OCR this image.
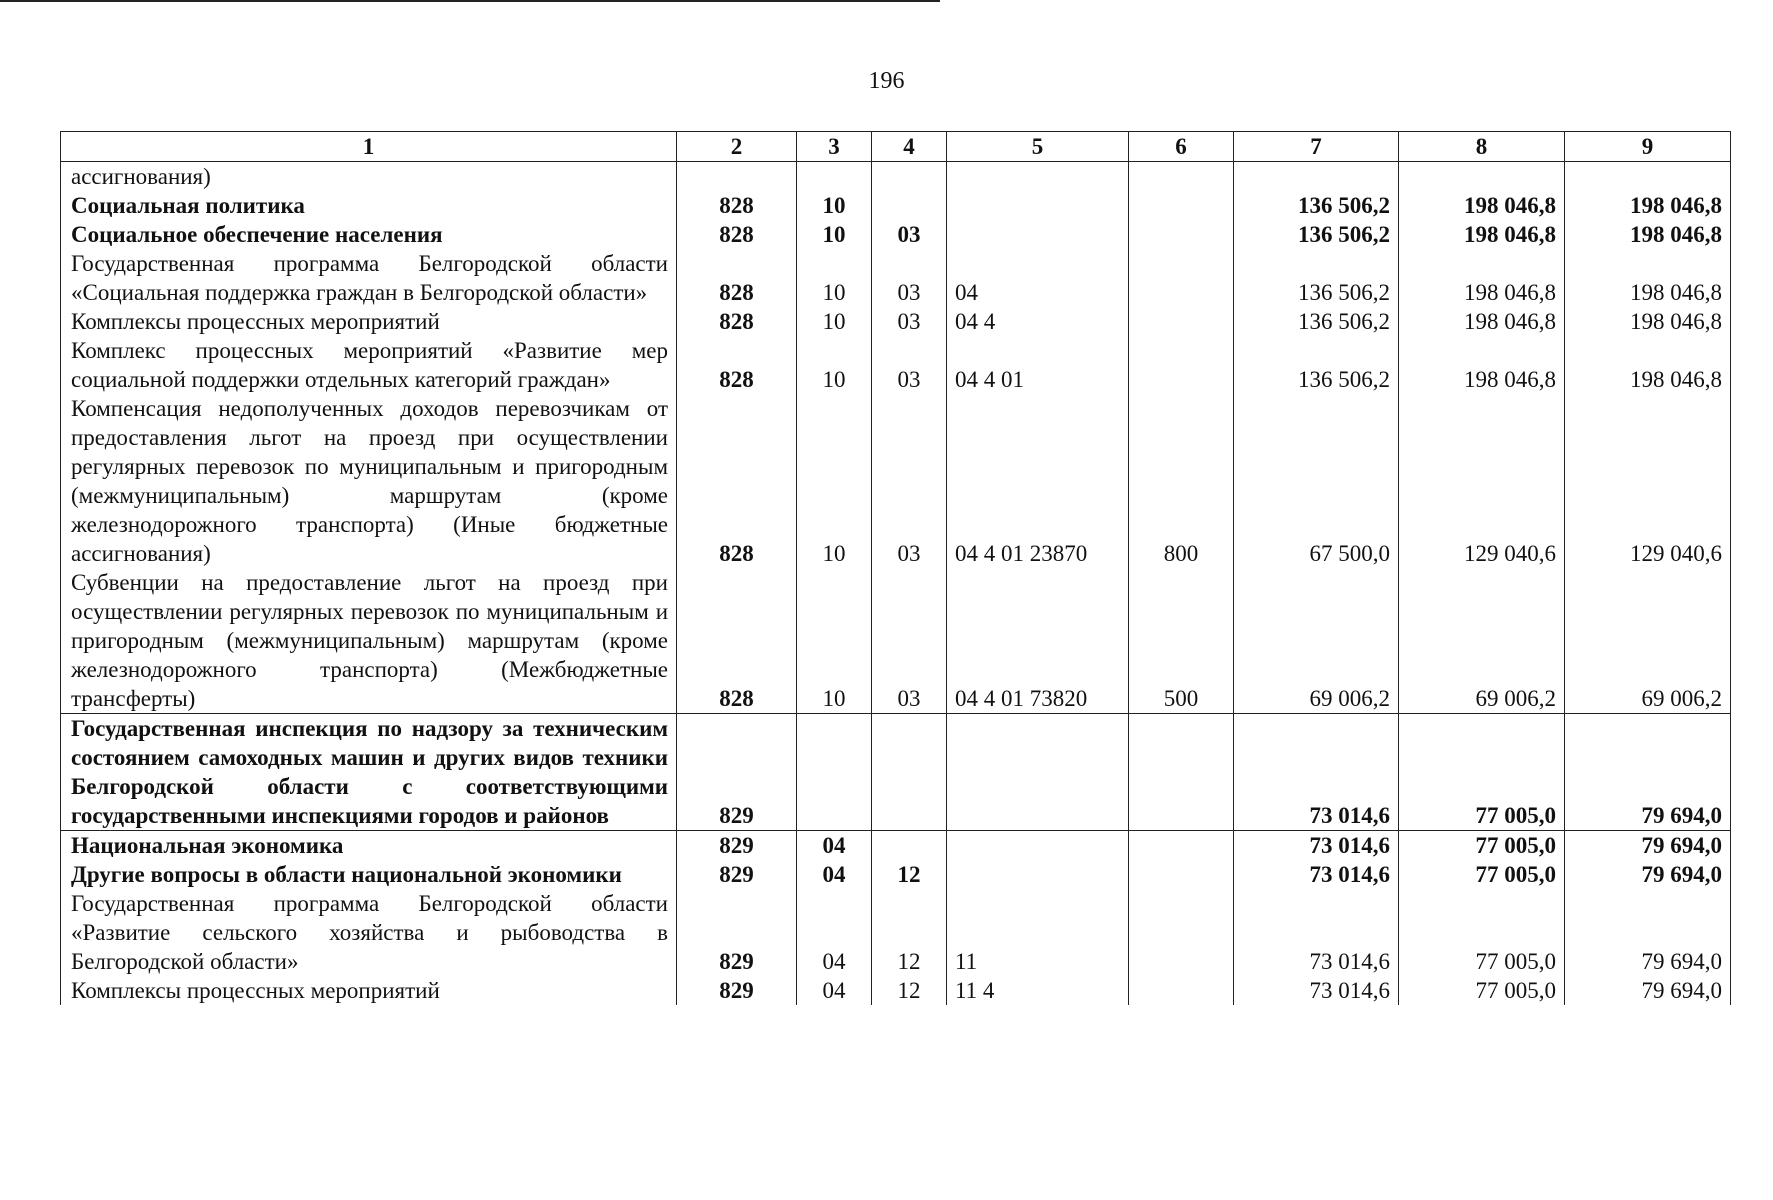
196
1	2	3	4	5	6	7	8	9
ассигнования)								
Социальная политика	828	10				136 506,2	198 046,8	198 046,8
Социальное обеспечение населения	828	10	03			136 506,2	198 046,8	198 046,8
Государственная программа Белгородской области «Социальная поддержка граждан в Белгородской области»	828	10	03	04		136 506,2	198 046,8	198 046,8
Комплексы процессных мероприятий	828	10	03	04 4		136 506,2	198 046,8	198 046,8
Комплекс процессных мероприятий «Развитие мер социальной поддержки отдельных категорий граждан»	828	10	03	04 4 01		136 506,2	198 046,8	198 046,8
Компенсация недополученных доходов перевозчикам от предоставления льгот на проезд при осуществлении регулярных перевозок по муниципальным и пригородным (межмуниципальным) маршрутам (кроме железнодорожного транспорта) (Иные бюджетные ассигнования)	828	10	03	04 4 01 23870	800	67 500,0	129 040,6	129 040,6
Субвенции на предоставление льгот на проезд при осуществлении регулярных перевозок по муниципальным и пригородным (межмуниципальным) маршрутам (кроме железнодорожного транспорта) (Межбюджетные трансферты)	828	10	03	04 4 01 73820	500	69 006,2	69 006,2	69 006,2
Государственная инспекция по надзору за техническим состоянием самоходных машин и других видов техники Белгородской области с соответствующими государственными инспекциями городов и районов	829					73 014,6	77 005,0	79 694,0
Национальная экономика	829	04				73 014,6	77 005,0	79 694,0
Другие вопросы в области национальной экономики	829	04	12			73 014,6	77 005,0	79 694,0
Государственная программа Белгородской области «Развитие сельского хозяйства и рыбоводства в Белгородской области»	829	04	12	11		73 014,6	77 005,0	79 694,0
Комплексы процессных мероприятий	829	04	12	11 4		73 014,6	77 005,0	79 694,0
